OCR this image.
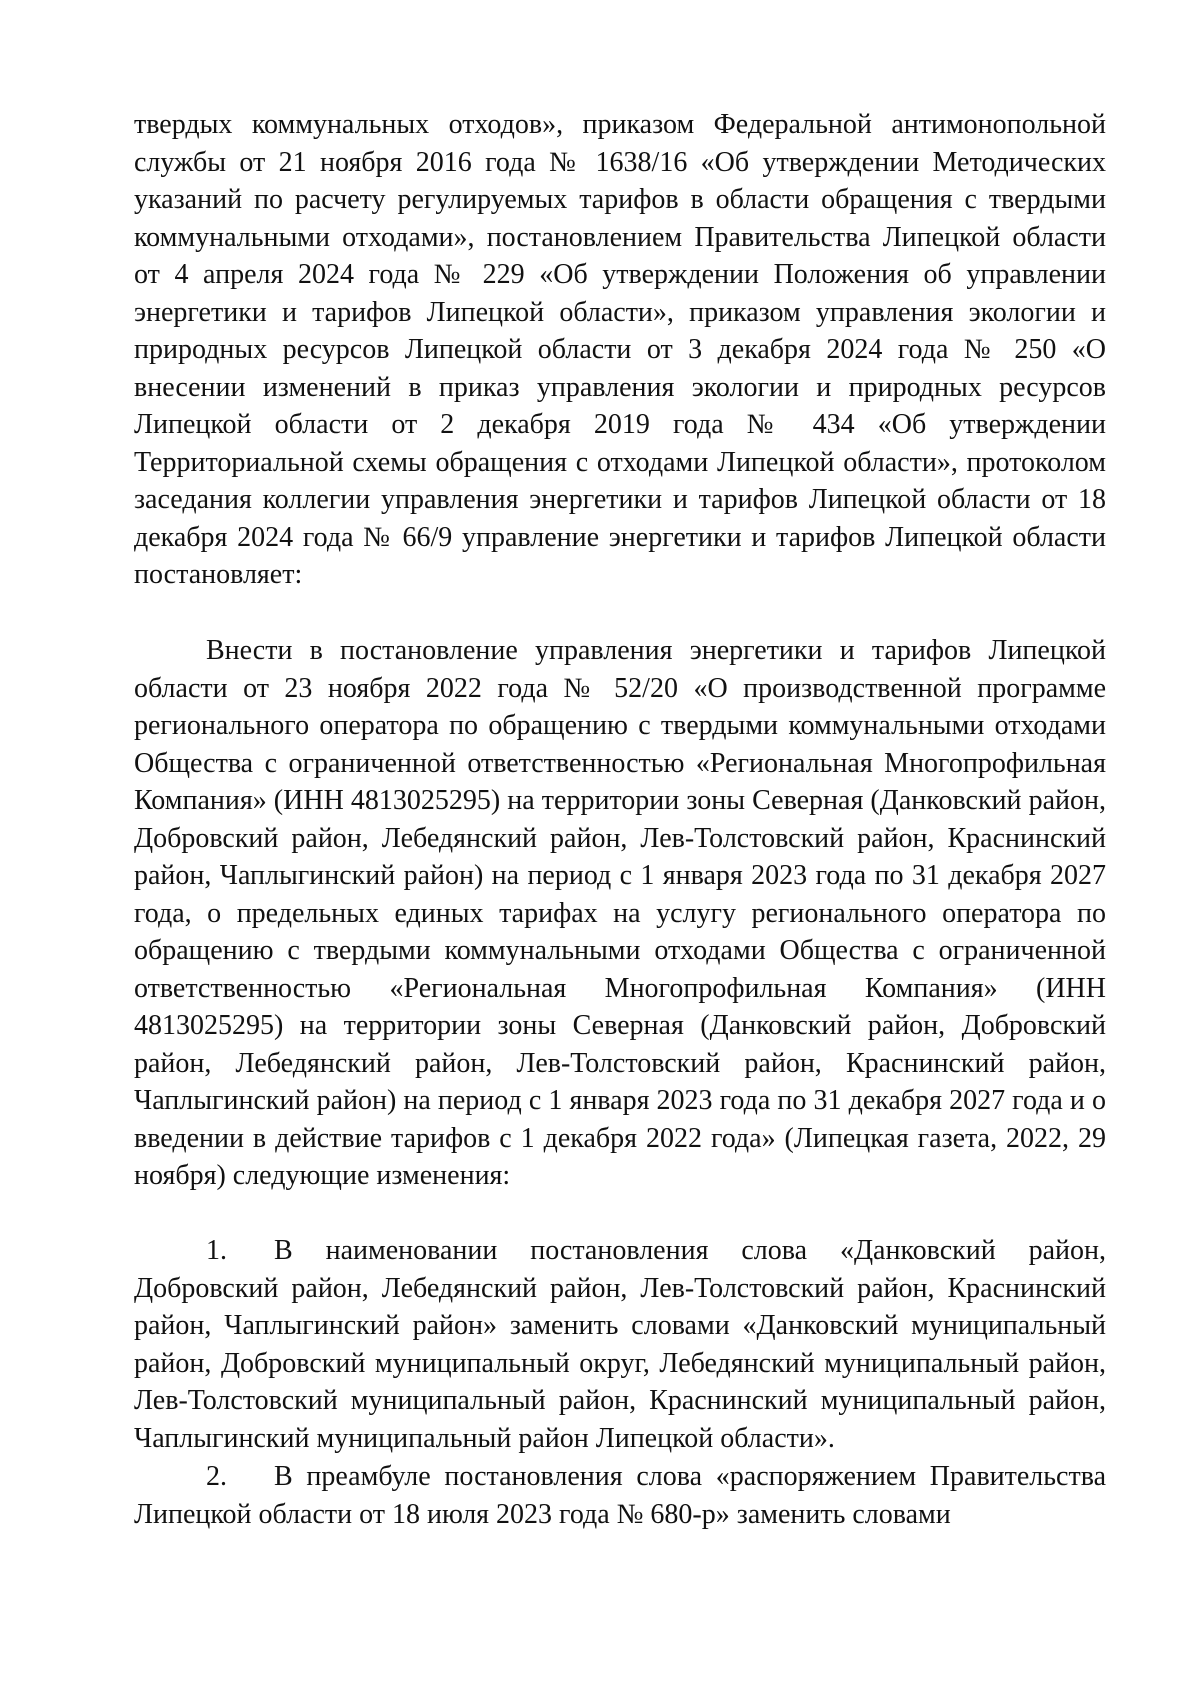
твердых коммунальных отходов», приказом Федеральной антимонопольной службы от 21 ноября 2016 года № 1638/16 «Об утверждении Методических указаний по расчету регулируемых тарифов в области обращения с твердыми коммунальными отходами», постановлением Правительства Липецкой области от 4 апреля 2024 года № 229 «Об утверждении Положения об управлении энергетики и тарифов Липецкой области», приказом управления экологии и природных ресурсов Липецкой области от 3 декабря 2024 года № 250 «О внесении изменений в приказ управления экологии и природных ресурсов Липецкой области от 2 декабря 2019 года № 434 «Об утверждении Территориальной схемы обращения с отходами Липецкой области», протоколом заседания коллегии управления энергетики и тарифов Липецкой области от 18 декабря 2024 года № 66/9 управление энергетики и тарифов Липецкой области постановляет:

Внести в постановление управления энергетики и тарифов Липецкой области от 23 ноября 2022 года № 52/20 «О производственной программе регионального оператора по обращению с твердыми коммунальными отходами Общества с ограниченной ответственностью «Региональная Многопрофильная Компания» (ИНН 4813025295) на территории зоны Северная (Данковский район, Добровский район, Лебедянский район, Лев-Толстовский район, Краснинский район, Чаплыгинский район) на период с 1 января 2023 года по 31 декабря 2027 года, о предельных единых тарифах на услугу регионального оператора по обращению с твердыми коммунальными отходами Общества с ограниченной ответственностью «Региональная Многопрофильная Компания» (ИНН 4813025295) на территории зоны Северная (Данковский район, Добровский район, Лебедянский район, Лев-Толстовский район, Краснинский район, Чаплыгинский район) на период с 1 января 2023 года по 31 декабря 2027 года и о введении в действие тарифов с 1 декабря 2022 года» (Липецкая газета, 2022, 29 ноября) следующие изменения:

1. В наименовании постановления слова «Данковский район, Добровский район, Лебедянский район, Лев-Толстовский район, Краснинский район, Чаплыгинский район» заменить словами «Данковский муниципальный район, Добровский муниципальный округ, Лебедянский муниципальный район, Лев-Толстовский муниципальный район, Краснинский муниципальный район, Чаплыгинский муниципальный район Липецкой области».

2. В преамбуле постановления слова «распоряжением Правительства Липецкой области от 18 июля 2023 года № 680-р» заменить словами
